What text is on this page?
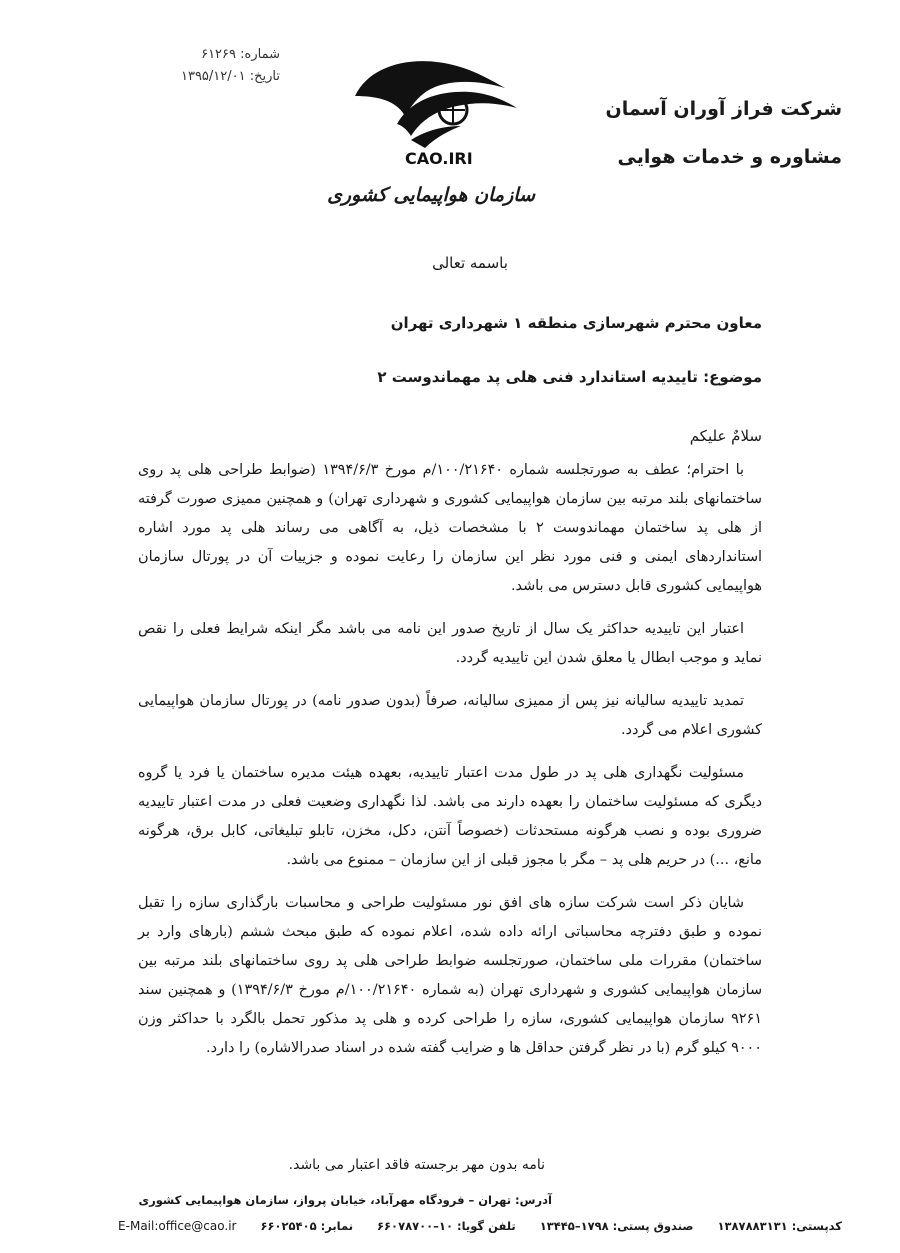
شماره: ۶۱۲۶۹
تاریخ: ۱۳۹۵/۱۲/۰۱
CAO.IRI
سازمان هواپیمایی کشوری
شرکت فراز آوران آسمان
مشاوره و خدمات هوایی
باسمه تعالی
معاون محترم شهرسازی منطقه ۱ شهرداری تهران
موضوع: تاییدیه استاندارد فنی هلی پد مهماندوست ۲
سلامٌ علیکم

با احترام؛ عطف به صورتجلسه شماره ۱۰۰/۲۱۶۴۰/م مورخ ۱۳۹۴/۶/۳ (ضوابط طراحی هلی پد روی ساختمانهای بلند مرتبه بین سازمان هواپیمایی کشوری و شهرداری تهران) و همچنین ممیزی صورت گرفته از هلی پد ساختمان مهماندوست ۲ با مشخصات ذیل، به آگاهی می رساند هلی پد مورد اشاره استانداردهای ایمنی و فنی مورد نظر این سازمان را رعایت نموده و جزییات آن در پورتال سازمان هواپیمایی کشوری قابل دسترس می باشد.

اعتبار این تاییدیه حداکثر یک سال از تاریخ صدور این نامه می باشد مگر اینکه شرایط فعلی را نقص نماید و موجب ابطال یا معلق شدن این تاییدیه گردد.

تمدید تاییدیه سالیانه نیز پس از ممیزی سالیانه، صرفاً (بدون صدور نامه) در پورتال سازمان هواپیمایی کشوری اعلام می گردد.

مسئولیت نگهداری هلی پد در طول مدت اعتبار تاییدیه، بعهده هیئت مدیره ساختمان یا فرد یا گروه دیگری که مسئولیت ساختمان را بعهده دارند می باشد. لذا نگهداری وضعیت فعلی در مدت اعتبار تاییدیه ضروری بوده و نصب هرگونه مستحدثات (خصوصاً آنتن، دکل، مخزن، تابلو تبلیغاتی، کابل برق، هرگونه مانع، ...) در حریم هلی پد – مگر با مجوز قبلی از این سازمان – ممنوع می باشد.

شایان ذکر است شرکت سازه های افق نور مسئولیت طراحی و محاسبات بارگذاری سازه را تقبل نموده و طبق دفترچه محاسباتی ارائه داده شده، اعلام نموده که طبق مبحث ششم (بارهای وارد بر ساختمان) مقررات ملی ساختمان، صورتجلسه ضوابط طراحی هلی پد روی ساختمانهای بلند مرتبه بین سازمان هواپیمایی کشوری و شهرداری تهران (به شماره ۱۰۰/۲۱۶۴۰/م مورخ ۱۳۹۴/۶/۳) و همچنین سند ۹۲۶۱ سازمان هواپیمایی کشوری، سازه را طراحی کرده و هلی پد مذکور تحمل بالگرد با حداکثر وزن ۹۰۰۰ کیلو گرم (با در نظر گرفتن حداقل ها و ضرایب گفته شده در اسناد صدرالاشاره) را دارد.

نامه بدون مهر برجسته فاقد اعتبار می باشد.
آدرس: تهران – فرودگاه مهرآباد، خیابان پرواز، سازمان هواپیمایی کشوری
کدپستی: ۱۳۸۷۸۸۳۱۳۱
صندوق پستی: ۱۷۹۸–۱۳۴۴۵
تلفن گویا: ۱۰–۶۶۰۷۸۷۰۰
نمابر: ۶۶۰۲۵۴۰۵
E-Mail:office@cao.ir
